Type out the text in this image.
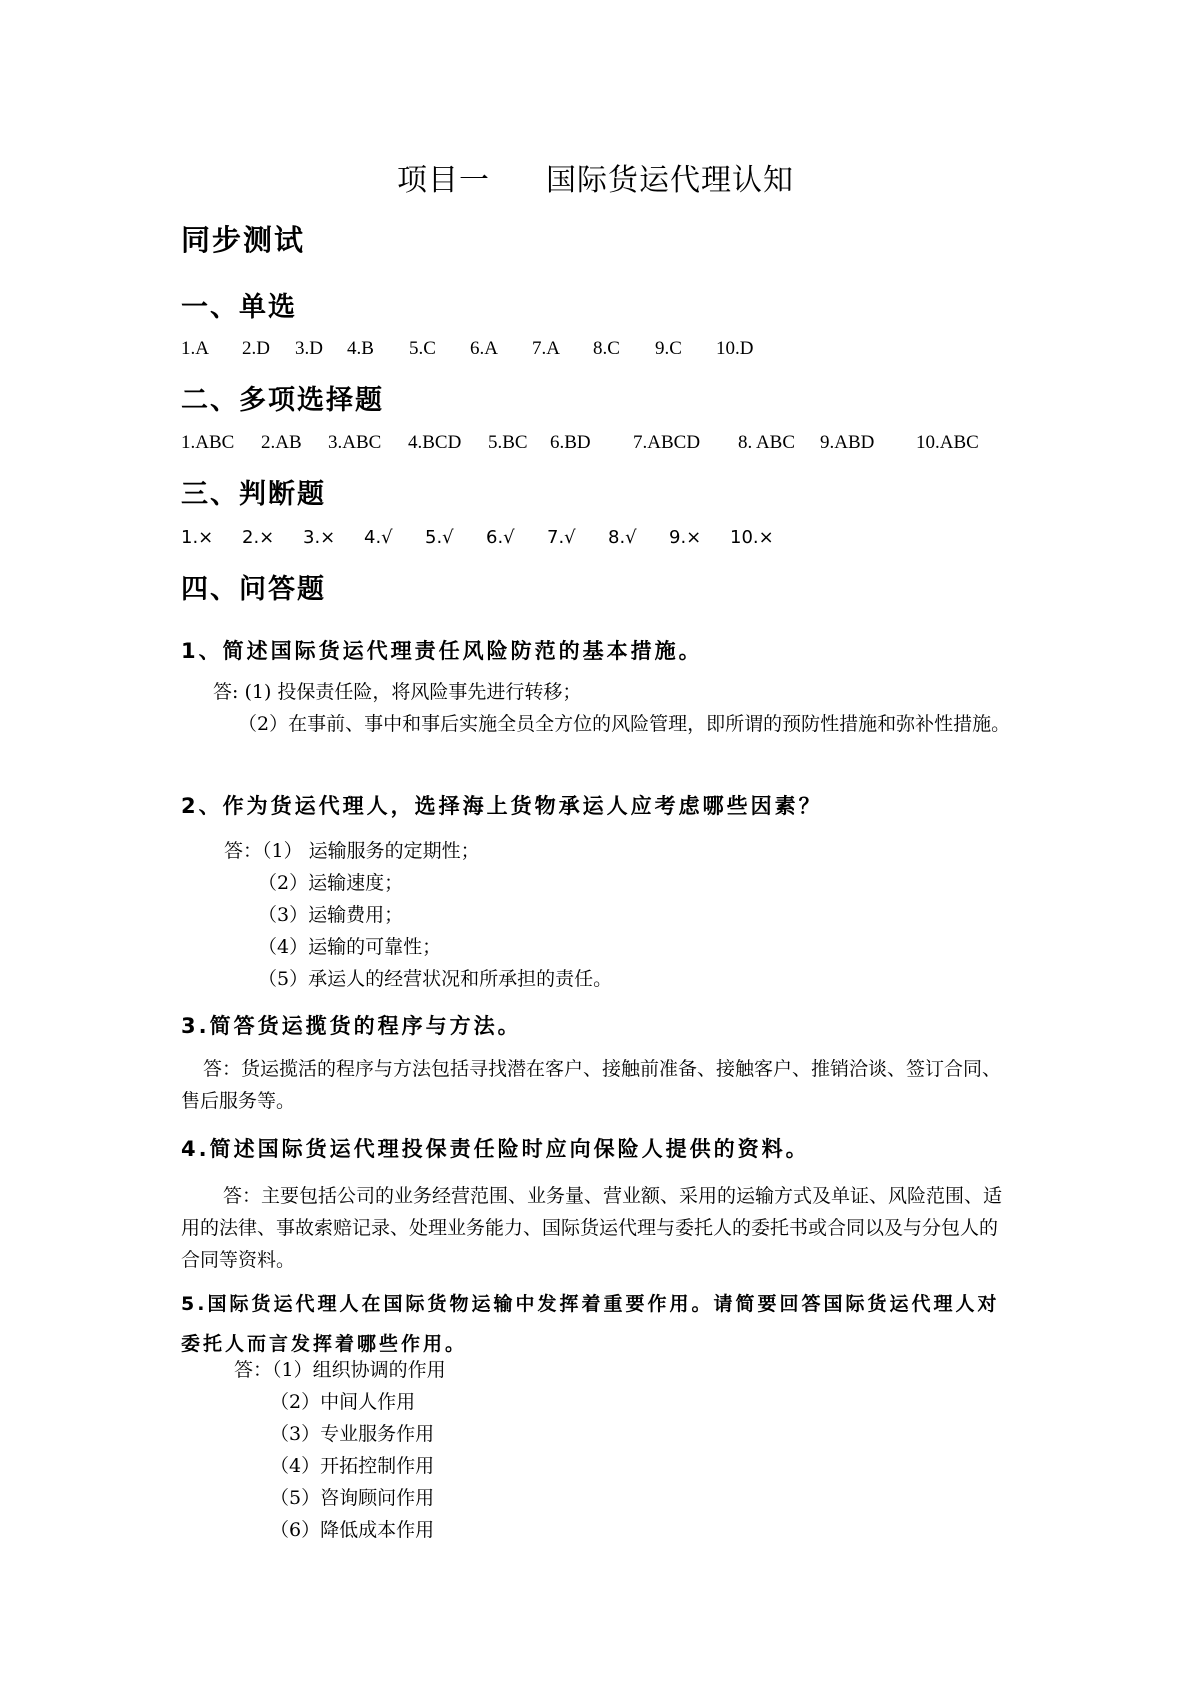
项目一 国际货运代理认知
同步测试
一、单选
1.A 2.D 3.D 4.B 5.C 6.A 7.A 8.C 9.C 10.D
二、多项选择题
1.ABC 2.AB 3.ABC 4.BCD 5.BC 6.BD 7.ABCD 8. ABC 9.ABD 10.ABC
三、判断题
1.× 2.× 3.× 4.√ 5.√ 6.√ 7.√ 8.√ 9.× 10.×
四、问答题
1、简述国际货运代理责任风险防范的基本措施。
答: (1) 投保责任险，将风险事先进行转移；
（2）在事前、事中和事后实施全员全方位的风险管理，即所谓的预防性措施和弥补性措施。
2、作为货运代理人，选择海上货物承运人应考虑哪些因素？
答：（1） 运输服务的定期性；
（2）运输速度；
（3）运输费用；
（4）运输的可靠性；
（5）承运人的经营状况和所承担的责任。
3.简答货运揽货的程序与方法。
答：货运揽活的程序与方法包括寻找潜在客户、接触前准备、接触客户、推销洽谈、签订合同、售后服务等。
4.简述国际货运代理投保责任险时应向保险人提供的资料。
答：主要包括公司的业务经营范围、业务量、营业额、采用的运输方式及单证、风险范围、适用的法律、事故索赔记录、处理业务能力、国际货运代理与委托人的委托书或合同以及与分包人的合同等资料。
5.国际货运代理人在国际货物运输中发挥着重要作用。请简要回答国际货运代理人对委托人而言发挥着哪些作用。
答：（1）组织协调的作用
（2）中间人作用
（3）专业服务作用
（4）开拓控制作用
（5）咨询顾问作用
（6）降低成本作用
